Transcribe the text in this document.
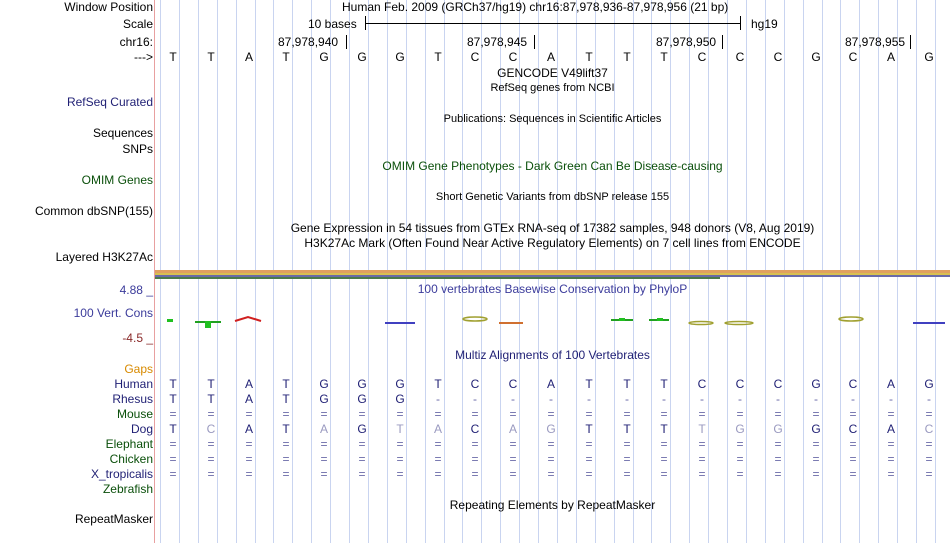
Window Position
Scale
chr16:
--->
Human Feb. 2009 (GRCh37/hg19) chr16:87,978,936-87,978,956 (21 bp)
10 bases	hg19
87,978,940	87,978,945	87,978,950	87,978,955
T	T	A	T	G	G	G	T	C	C	A	T	T	T	C	C	C	G	C	A	G
GENCODE V49lift37
RefSeq genes from NCBI
RefSeq Curated
Publications: Sequences in Scientific Articles
Sequences
SNPs
OMIM Gene Phenotypes - Dark Green Can Be Disease-causing
OMIM Genes
Short Genetic Variants from dbSNP release 155
Common dbSNP(155)
Gene Expression in 54 tissues from GTEx RNA-seq of 17382 samples, 948 donors (V8, Aug 2019)
H3K27Ac Mark (Often Found Near Active Regulatory Elements) on 7 cell lines from ENCODE
Layered H3K27Ac
4.88 _	100 vertebrates Basewise Conservation by PhyloP
100 Vert. Cons
-4.5 _
Multiz Alignments of 100 Vertebrates
Gaps
Human	T	T	A	T	G	G	G	T	C	C	A	T	T	T	C	C	C	G	C	A	G
Rhesus	T	T	A	T	G	G	G	-	-	-	-	-	-	-	-	-	-	-	-	-	-
Mouse	=	=	=	=	=	=	=	=	=	=	=	=	=	=	=	=	=	=	=	=	=
Dog	T	C	A	T	A	G	T	A	C	A	G	T	T	T	T	G	G	G	C	A	C
Elephant	=	=	=	=	=	=	=	=	=	=	=	=	=	=	=	=	=	=	=	=	=
Chicken	=	=	=	=	=	=	=	=	=	=	=	=	=	=	=	=	=	=	=	=	=
X_tropicalis	=	=	=	=	=	=	=	=	=	=	=	=	=	=	=	=	=	=	=	=	=
Zebrafish
Repeating Elements by RepeatMasker
RepeatMasker
